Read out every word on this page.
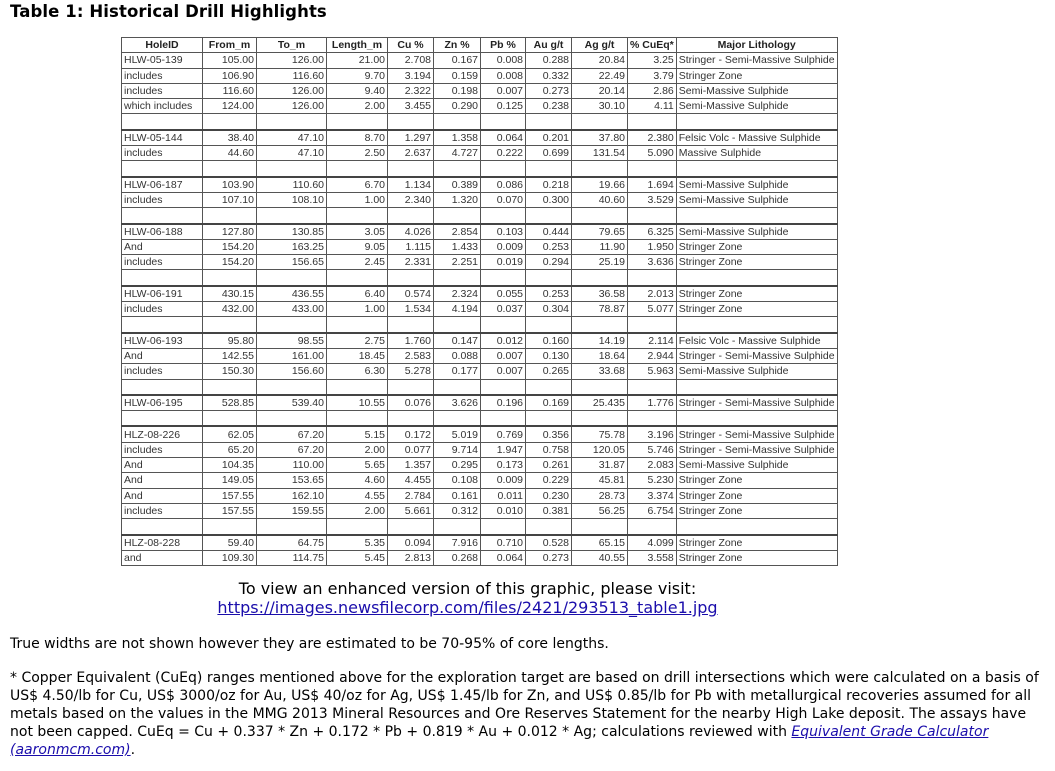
Table 1: Historical Drill Highlights
HoleID	From_m	To_m	Length_m	Cu %	Zn %	Pb %	Au g/t	Ag g/t	% CuEq*	Major Lithology
HLW-05-139	105.00	126.00	21.00	2.708	0.167	0.008	0.288	20.84	3.25	Stringer - Semi-Massive Sulphide
includes	106.90	116.60	9.70	3.194	0.159	0.008	0.332	22.49	3.79	Stringer Zone
includes	116.60	126.00	9.40	2.322	0.198	0.007	0.273	20.14	2.86	Semi-Massive Sulphide
which includes	124.00	126.00	2.00	3.455	0.290	0.125	0.238	30.10	4.11	Semi-Massive Sulphide

HLW-05-144	38.40	47.10	8.70	1.297	1.358	0.064	0.201	37.80	2.380	Felsic Volc - Massive Sulphide
includes	44.60	47.10	2.50	2.637	4.727	0.222	0.699	131.54	5.090	Massive Sulphide

HLW-06-187	103.90	110.60	6.70	1.134	0.389	0.086	0.218	19.66	1.694	Semi-Massive Sulphide
includes	107.10	108.10	1.00	2.340	1.320	0.070	0.300	40.60	3.529	Semi-Massive Sulphide

HLW-06-188	127.80	130.85	3.05	4.026	2.854	0.103	0.444	79.65	6.325	Semi-Massive Sulphide
And	154.20	163.25	9.05	1.115	1.433	0.009	0.253	11.90	1.950	Stringer Zone
includes	154.20	156.65	2.45	2.331	2.251	0.019	0.294	25.19	3.636	Stringer Zone

HLW-06-191	430.15	436.55	6.40	0.574	2.324	0.055	0.253	36.58	2.013	Stringer Zone
includes	432.00	433.00	1.00	1.534	4.194	0.037	0.304	78.87	5.077	Stringer Zone

HLW-06-193	95.80	98.55	2.75	1.760	0.147	0.012	0.160	14.19	2.114	Felsic Volc - Massive Sulphide
And	142.55	161.00	18.45	2.583	0.088	0.007	0.130	18.64	2.944	Stringer - Semi-Massive Sulphide
includes	150.30	156.60	6.30	5.278	0.177	0.007	0.265	33.68	5.963	Semi-Massive Sulphide

HLW-06-195	528.85	539.40	10.55	0.076	3.626	0.196	0.169	25.435	1.776	Stringer - Semi-Massive Sulphide

HLZ-08-226	62.05	67.20	5.15	0.172	5.019	0.769	0.356	75.78	3.196	Stringer - Semi-Massive Sulphide
includes	65.20	67.20	2.00	0.077	9.714	1.947	0.758	120.05	5.746	Stringer - Semi-Massive Sulphide
And	104.35	110.00	5.65	1.357	0.295	0.173	0.261	31.87	2.083	Semi-Massive Sulphide
And	149.05	153.65	4.60	4.455	0.108	0.009	0.229	45.81	5.230	Stringer Zone
And	157.55	162.10	4.55	2.784	0.161	0.011	0.230	28.73	3.374	Stringer Zone
includes	157.55	159.55	2.00	5.661	0.312	0.010	0.381	56.25	6.754	Stringer Zone

HLZ-08-228	59.40	64.75	5.35	0.094	7.916	0.710	0.528	65.15	4.099	Stringer Zone
and	109.30	114.75	5.45	2.813	0.268	0.064	0.273	40.55	3.558	Stringer Zone
To view an enhanced version of this graphic, please visit:
https://images.newsfilecorp.com/files/2421/293513_table1.jpg
True widths are not shown however they are estimated to be 70-95% of core lengths.
* Copper Equivalent (CuEq) ranges mentioned above for the exploration target are based on drill intersections which were calculated on a basis of US$ 4.50/lb for Cu, US$ 3000/oz for Au, US$ 40/oz for Ag, US$ 1.45/lb for Zn, and US$ 0.85/lb for Pb with metallurgical recoveries assumed for all metals based on the values in the MMG 2013 Mineral Resources and Ore Reserves Statement for the nearby High Lake deposit. The assays have not been capped. CuEq = Cu + 0.337 * Zn + 0.172 * Pb + 0.819 * Au + 0.012 * Ag; calculations reviewed with Equivalent Grade Calculator (aaronmcm.com).
